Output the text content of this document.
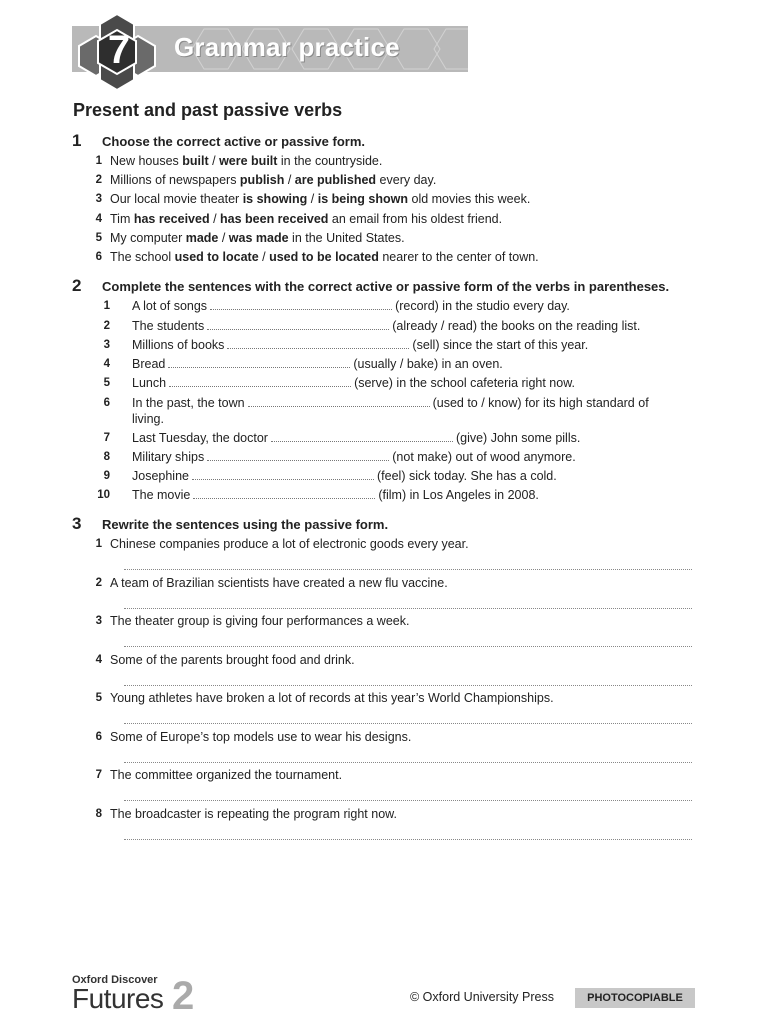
7 Grammar practice
Present and past passive verbs
1 Choose the correct active or passive form.
1 New houses built / were built in the countryside.
2 Millions of newspapers publish / are published every day.
3 Our local movie theater is showing / is being shown old movies this week.
4 Tim has received / has been received an email from his oldest friend.
5 My computer made / was made in the United States.
6 The school used to locate / used to be located nearer to the center of town.
2 Complete the sentences with the correct active or passive form of the verbs in parentheses.
1 A lot of songs	(record) in the studio every day.
2 The students	(already / read) the books on the reading list.
3 Millions of books	(sell) since the start of this year.
4 Bread	(usually / bake) in an oven.
5 Lunch	(serve) in the school cafeteria right now.
6 In the past, the town	(used to / know) for its high standard of
living.
7 Last Tuesday, the doctor	(give) John some pills.
8 Military ships	(not make) out of wood anymore.
9 Josephine	(feel) sick today. She has a cold.
10 The movie	(film) in Los Angeles in 2008.
3 Rewrite the sentences using the passive form.
1 Chinese companies produce a lot of electronic goods every year.
2 A team of Brazilian scientists have created a new flu vaccine.
3 The theater group is giving four performances a week.
4 Some of the parents brought food and drink.
5 Young athletes have broken a lot of records at this year’s World Championships.
6 Some of Europe’s top models use to wear his designs.
7 The committee organized the tournament.
8 The broadcaster is repeating the program right now.
Oxford Discover
Futures 2	© Oxford University Press	PHOTOCOPIABLE
